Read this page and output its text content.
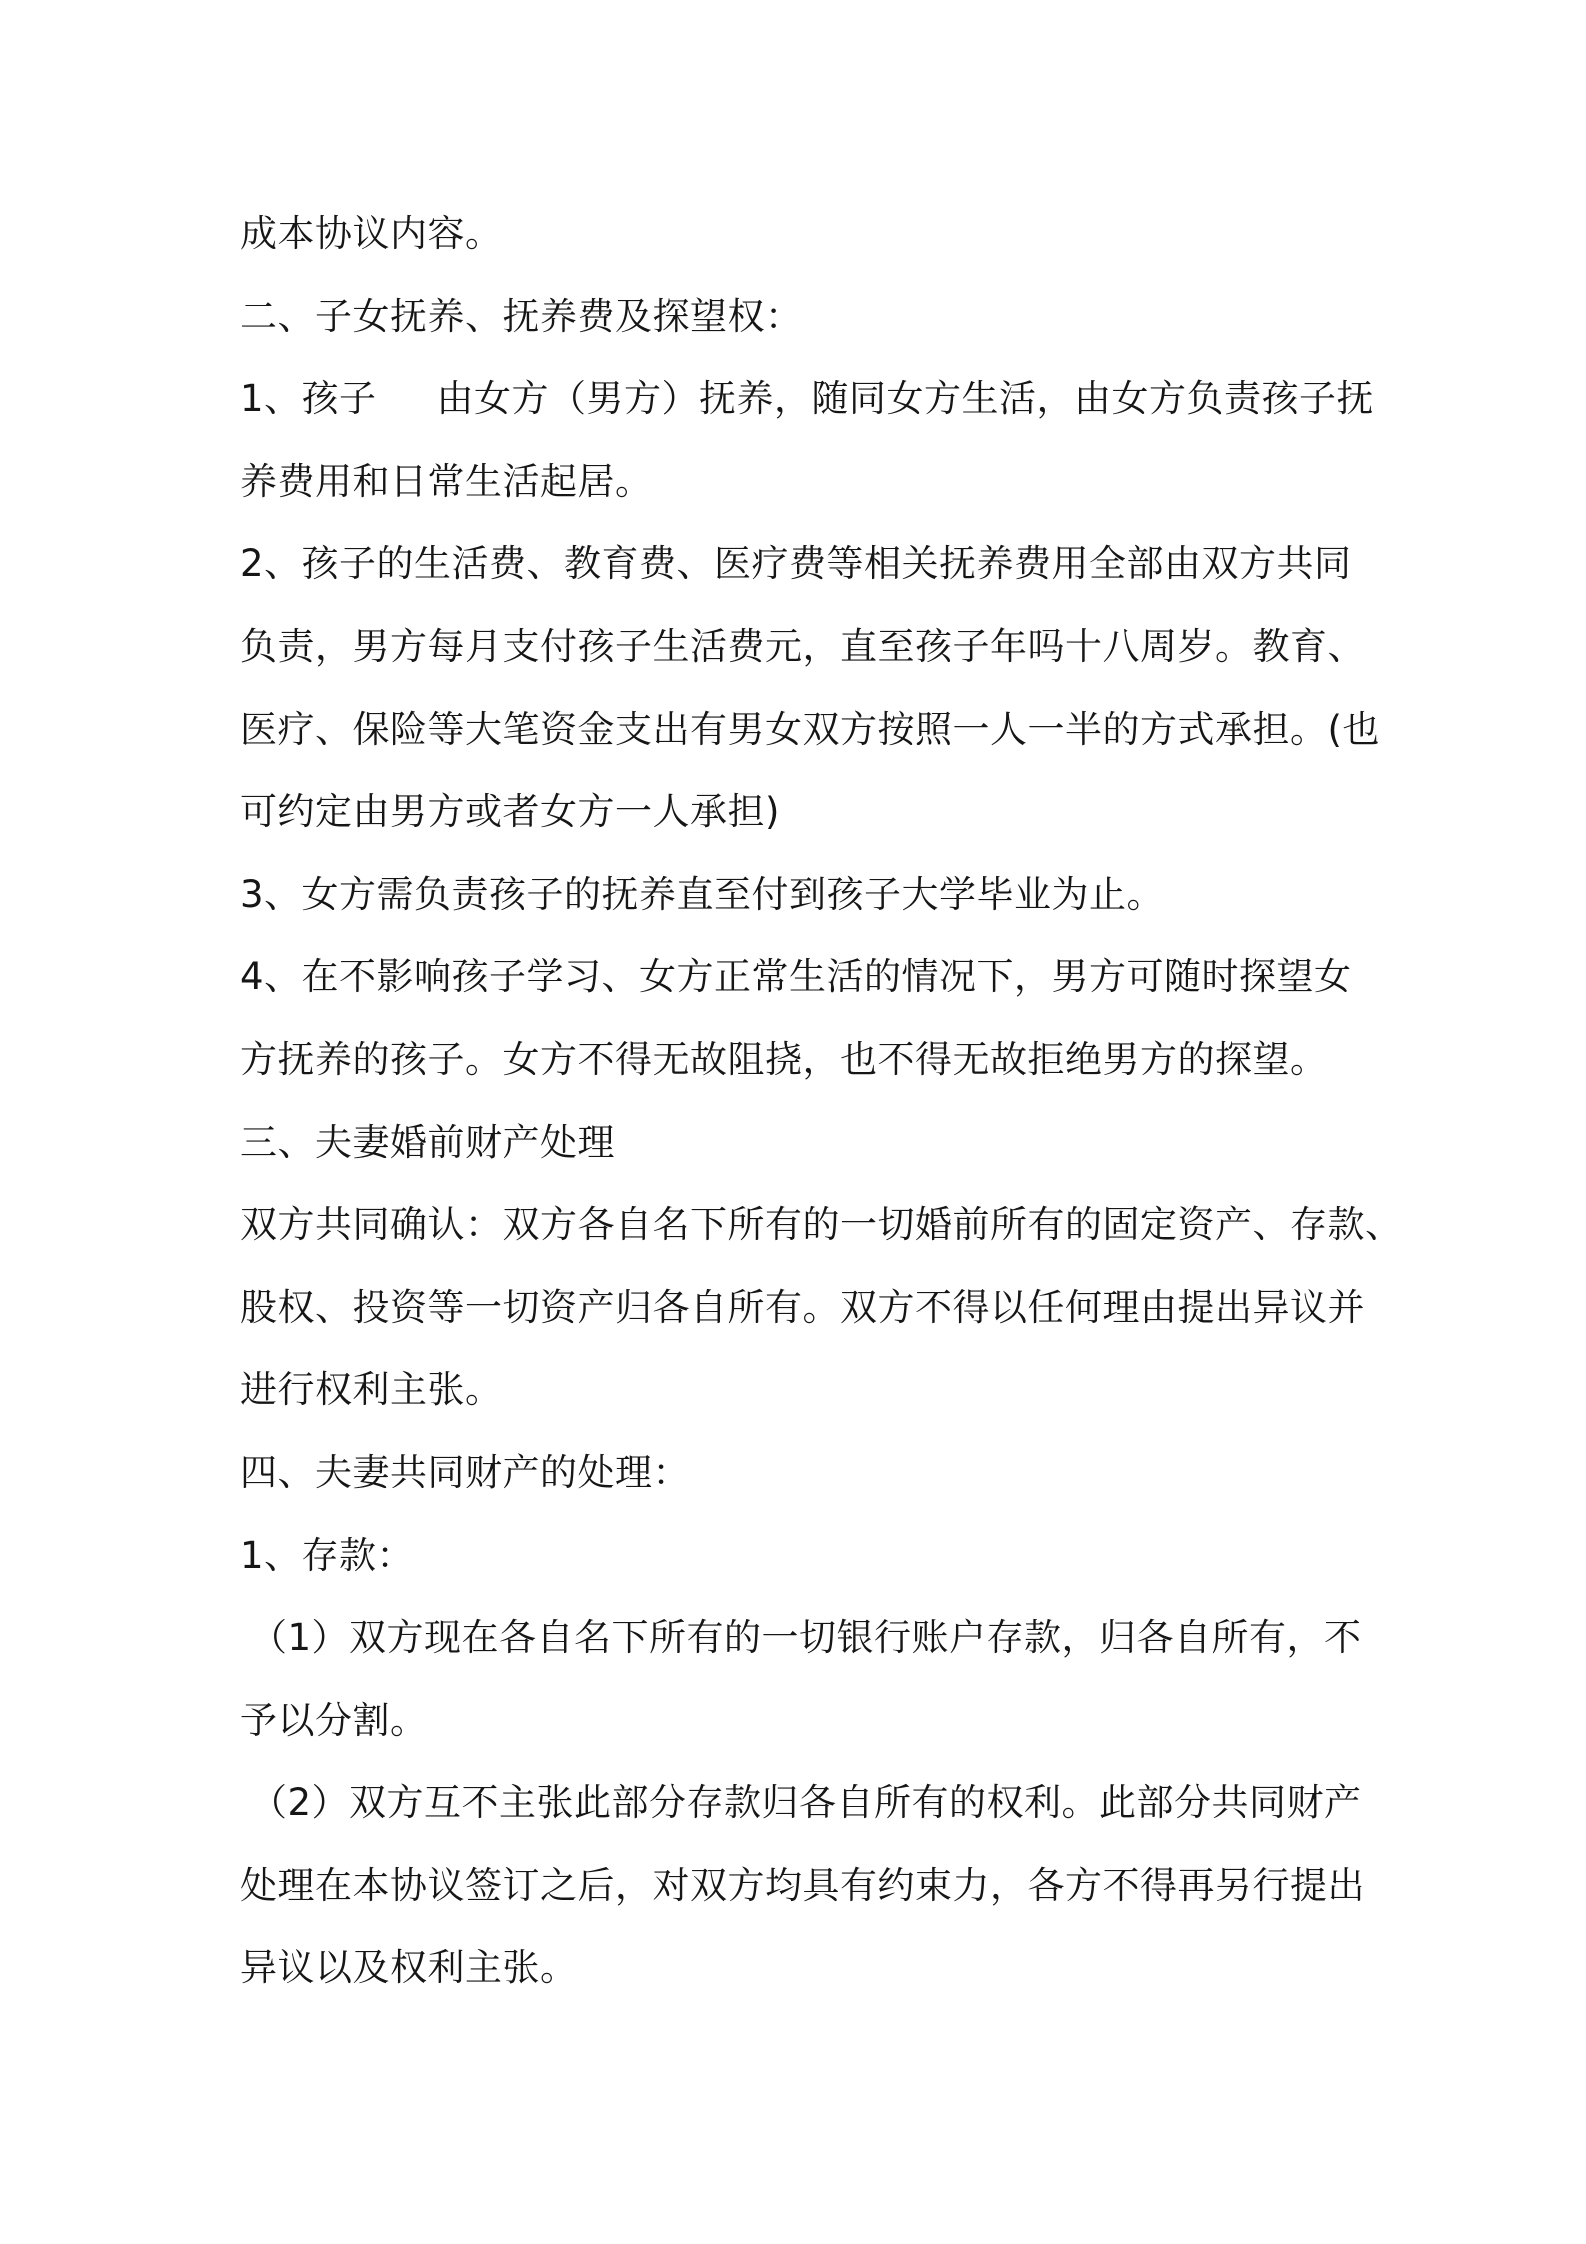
成本协议内容。

二、子女抚养、抚养费及探望权：

1、孩子 由女方（男方）抚养，随同女方生活，由女方负责孩子抚

养费用和日常生活起居。

2、孩子的生活费、教育费、医疗费等相关抚养费用全部由双方共同

负责，男方每月支付孩子生活费元，直至孩子年吗十八周岁。教育、

医疗、保险等大笔资金支出有男女双方按照一人一半的方式承担。(也

可约定由男方或者女方一人承担)

3、女方需负责孩子的抚养直至付到孩子大学毕业为止。

4、在不影响孩子学习、女方正常生活的情况下，男方可随时探望女

方抚养的孩子。女方不得无故阻挠，也不得无故拒绝男方的探望。

三、夫妻婚前财产处理

双方共同确认：双方各自名下所有的一切婚前所有的固定资产、存款、

股权、投资等一切资产归各自所有。双方不得以任何理由提出异议并

进行权利主张。

四、夫妻共同财产的处理：

1、存款：

（1）双方现在各自名下所有的一切银行账户存款，归各自所有，不

予以分割。

（2）双方互不主张此部分存款归各自所有的权利。此部分共同财产

处理在本协议签订之后，对双方均具有约束力，各方不得再另行提出

异议以及权利主张。
